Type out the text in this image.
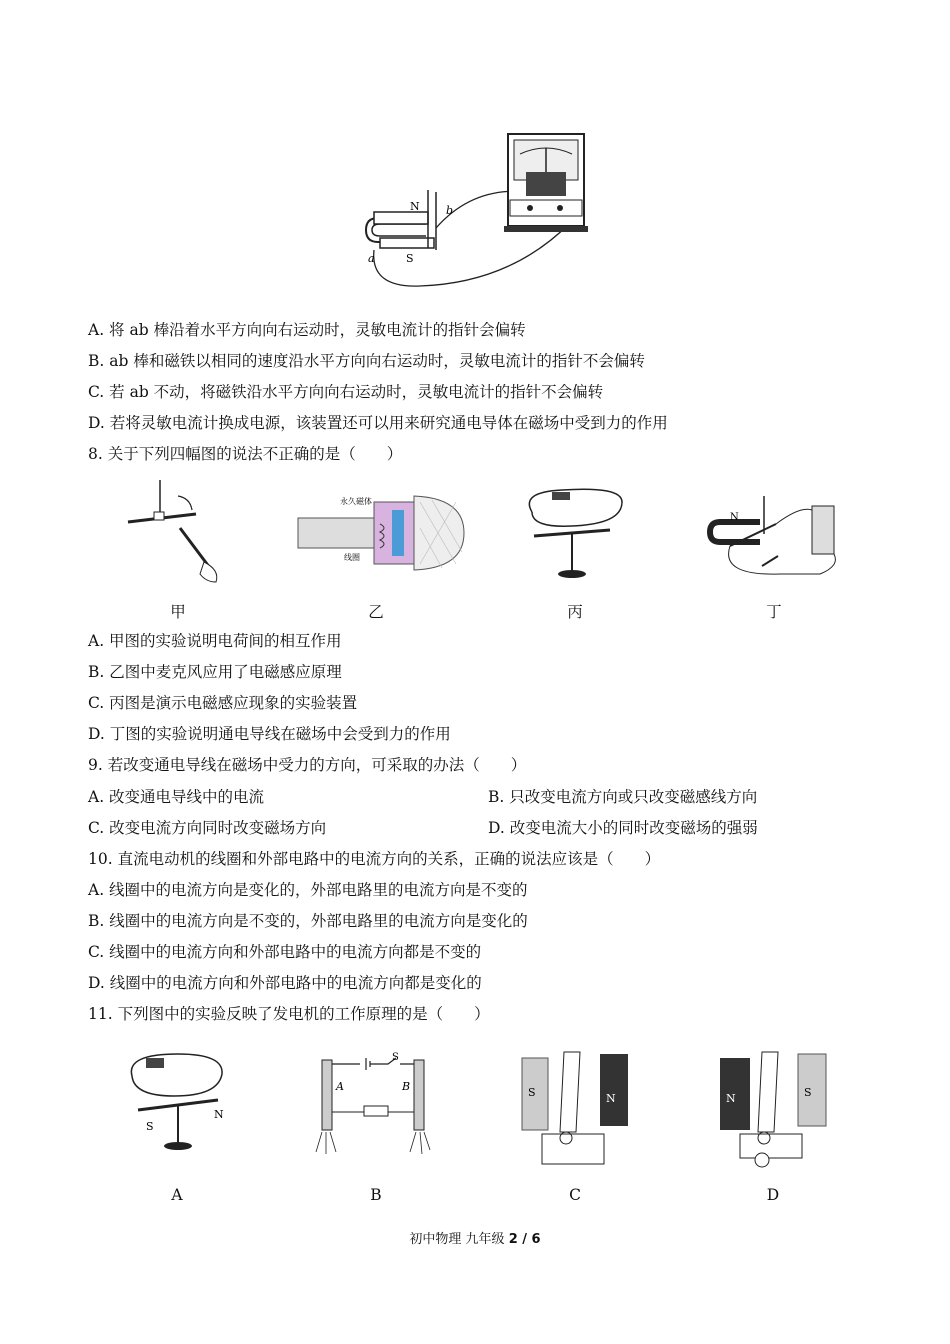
N
S
a
b
A. 将 ab 棒沿着水平方向向右运动时，灵敏电流计的指针会偏转
B. ab 棒和磁铁以相同的速度沿水平方向向右运动时，灵敏电流计的指针不会偏转
C. 若 ab 不动，将磁铁沿水平方向向右运动时，灵敏电流计的指针不会偏转
D. 若将灵敏电流计换成电源，该装置还可以用来研究通电导体在磁场中受到力的作用
8. 关于下列四幅图的说法不正确的是（　　）
永久磁体
线圈
N
甲	乙	丙	丁
A. 甲图的实验说明电荷间的相互作用
B. 乙图中麦克风应用了电磁感应原理
C. 丙图是演示电磁感应现象的实验装置
D. 丁图的实验说明通电导线在磁场中会受到力的作用
9. 若改变通电导线在磁场中受力的方向，可采取的办法（　　）
A. 改变通电导线中的电流	B. 只改变电流方向或只改变磁感线方向
C. 改变电流方向同时改变磁场方向	D. 改变电流大小的同时改变磁场的强弱
10. 直流电动机的线圈和外部电路中的电流方向的关系，正确的说法应该是（　　）
A. 线圈中的电流方向是变化的，外部电路里的电流方向是不变的
B. 线圈中的电流方向是不变的，外部电路里的电流方向是变化的
C. 线圈中的电流方向和外部电路中的电流方向都是不变的
D. 线圈中的电流方向和外部电路中的电流方向都是变化的
11. 下列图中的实验反映了发电机的工作原理的是（　　）
S
N
A	B
S
S	N	N	S
A	B	C	D
初中物理 九年级 2 / 6
